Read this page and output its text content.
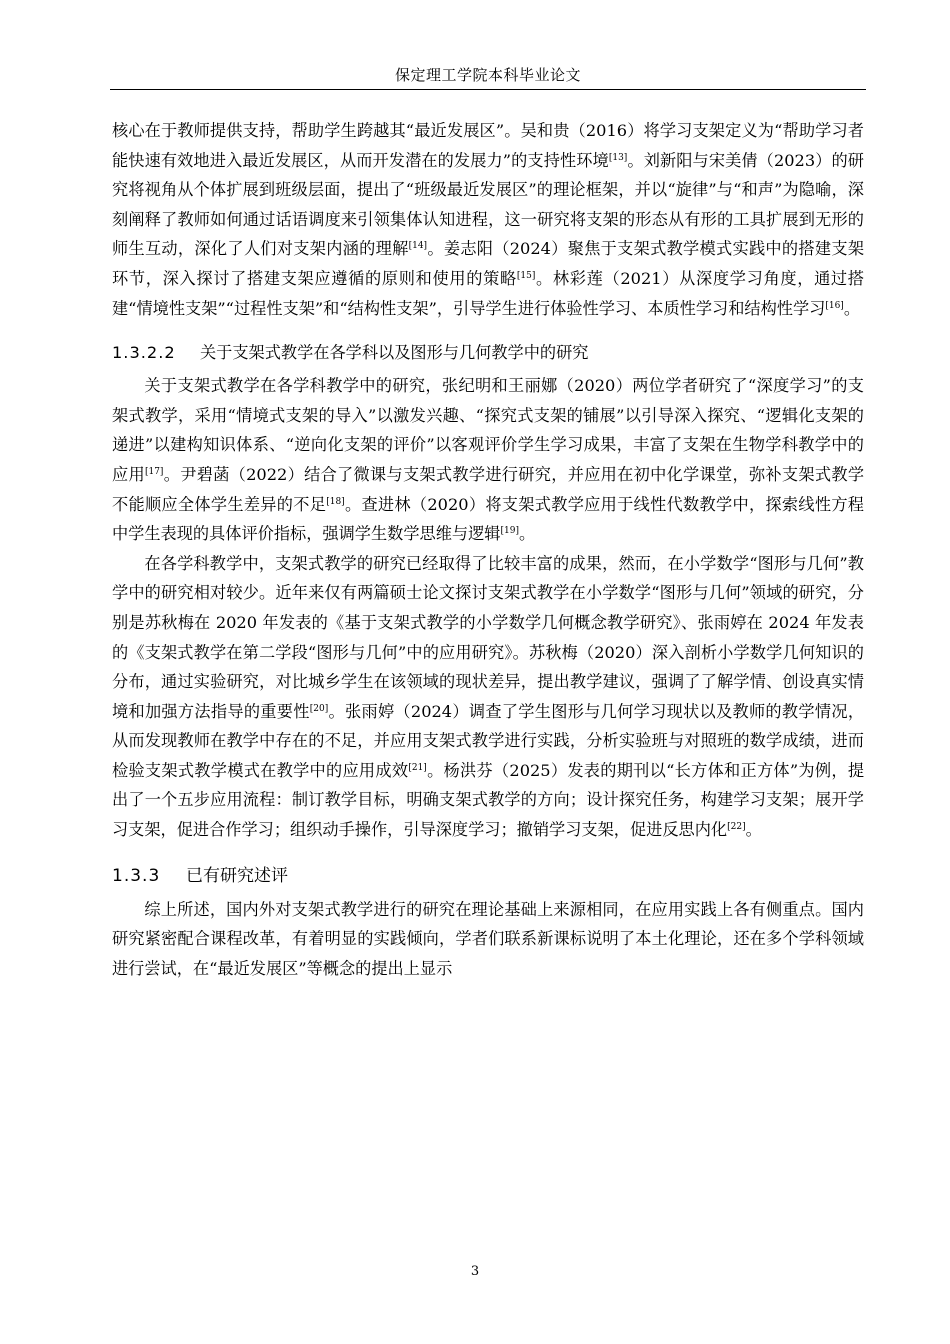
保定理工学院本科毕业论文

核心在于教师提供支持，帮助学生跨越其“最近发展区”。吴和贵（2016）将学习支架定义为“帮助学习者能快速有效地进入最近发展区，从而开发潜在的发展力”的支持性环境[13]。刘新阳与宋美倩（2023）的研究将视角从个体扩展到班级层面，提出了“班级最近发展区”的理论框架，并以“旋律”与“和声”为隐喻，深刻阐释了教师如何通过话语调度来引领集体认知进程，这一研究将支架的形态从有形的工具扩展到无形的师生互动，深化了人们对支架内涵的理解[14]。姜志阳（2024）聚焦于支架式教学模式实践中的搭建支架环节，深入探讨了搭建支架应遵循的原则和使用的策略[15]。林彩莲（2021）从深度学习角度，通过搭建“情境性支架”“过程性支架”和“结构性支架”，引导学生进行体验性学习、本质性学习和结构性学习[16]。

1.3.2.2 关于支架式教学在各学科以及图形与几何教学中的研究

关于支架式教学在各学科教学中的研究，张纪明和王丽娜（2020）两位学者研究了“深度学习”的支架式教学，采用“情境式支架的导入”以激发兴趣、“探究式支架的铺展”以引导深入探究、“逻辑化支架的递进”以建构知识体系、“逆向化支架的评价”以客观评价学生学习成果，丰富了支架在生物学科教学中的应用[17]。尹碧菡（2022）结合了微课与支架式教学进行研究，并应用在初中化学课堂，弥补支架式教学不能顺应全体学生差异的不足[18]。查进林（2020）将支架式教学应用于线性代数教学中，探索线性方程中学生表现的具体评价指标，强调学生数学思维与逻辑[19]。

在各学科教学中，支架式教学的研究已经取得了比较丰富的成果，然而，在小学数学“图形与几何”教学中的研究相对较少。近年来仅有两篇硕士论文探讨支架式教学在小学数学“图形与几何”领域的研究，分别是苏秋梅在 2020 年发表的《基于支架式教学的小学数学几何概念教学研究》、张雨婷在 2024 年发表的《支架式教学在第二学段“图形与几何”中的应用研究》。苏秋梅（2020）深入剖析小学数学几何知识的分布，通过实验研究，对比城乡学生在该领域的现状差异，提出教学建议，强调了了解学情、创设真实情境和加强方法指导的重要性[20]。张雨婷（2024）调查了学生图形与几何学习现状以及教师的教学情况，从而发现教师在教学中存在的不足，并应用支架式教学进行实践，分析实验班与对照班的数学成绩，进而检验支架式教学模式在教学中的应用成效[21]。杨洪芬（2025）发表的期刊以“长方体和正方体”为例，提出了一个五步应用流程：制订教学目标，明确支架式教学的方向；设计探究任务，构建学习支架；展开学习支架，促进合作学习；组织动手操作，引导深度学习；撤销学习支架，促进反思内化[22]。

1.3.3 已有研究述评

综上所述，国内外对支架式教学进行的研究在理论基础上来源相同，在应用实践上各有侧重点。国内研究紧密配合课程改革，有着明显的实践倾向，学者们联系新课标说明了本土化理论，还在多个学科领域进行尝试，在“最近发展区”等概念的提出上显示

3
